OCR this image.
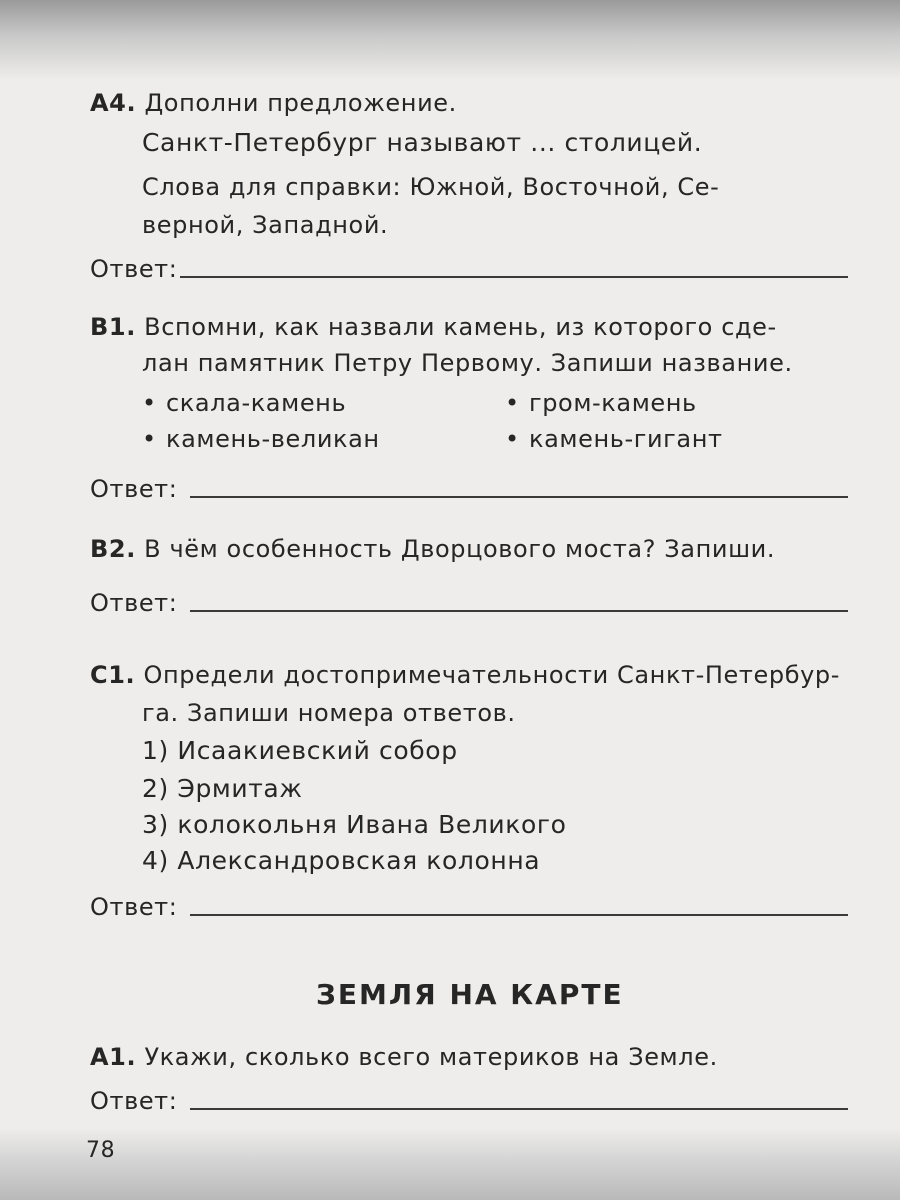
А4. Дополни предложение.
Санкт-Петербург называют ... столицей.
Слова для справки: Южной, Восточной, Се-
верной, Западной.
Ответ:
В1. Вспомни, как назвали камень, из которого сде-
лан памятник Петру Первому. Запиши название.
• скала-камень	• гром-камень
• камень-великан	• камень-гигант
Ответ:
В2. В чём особенность Дворцового моста? Запиши.
Ответ:
С1. Определи достопримечательности Санкт-Петербур-
га. Запиши номера ответов.
1) Исаакиевский собор
2) Эрмитаж
3) колокольня Ивана Великого
4) Александровская колонна
Ответ:
ЗЕМЛЯ НА КАРТЕ
А1. Укажи, сколько всего материков на Земле.
Ответ:
78
